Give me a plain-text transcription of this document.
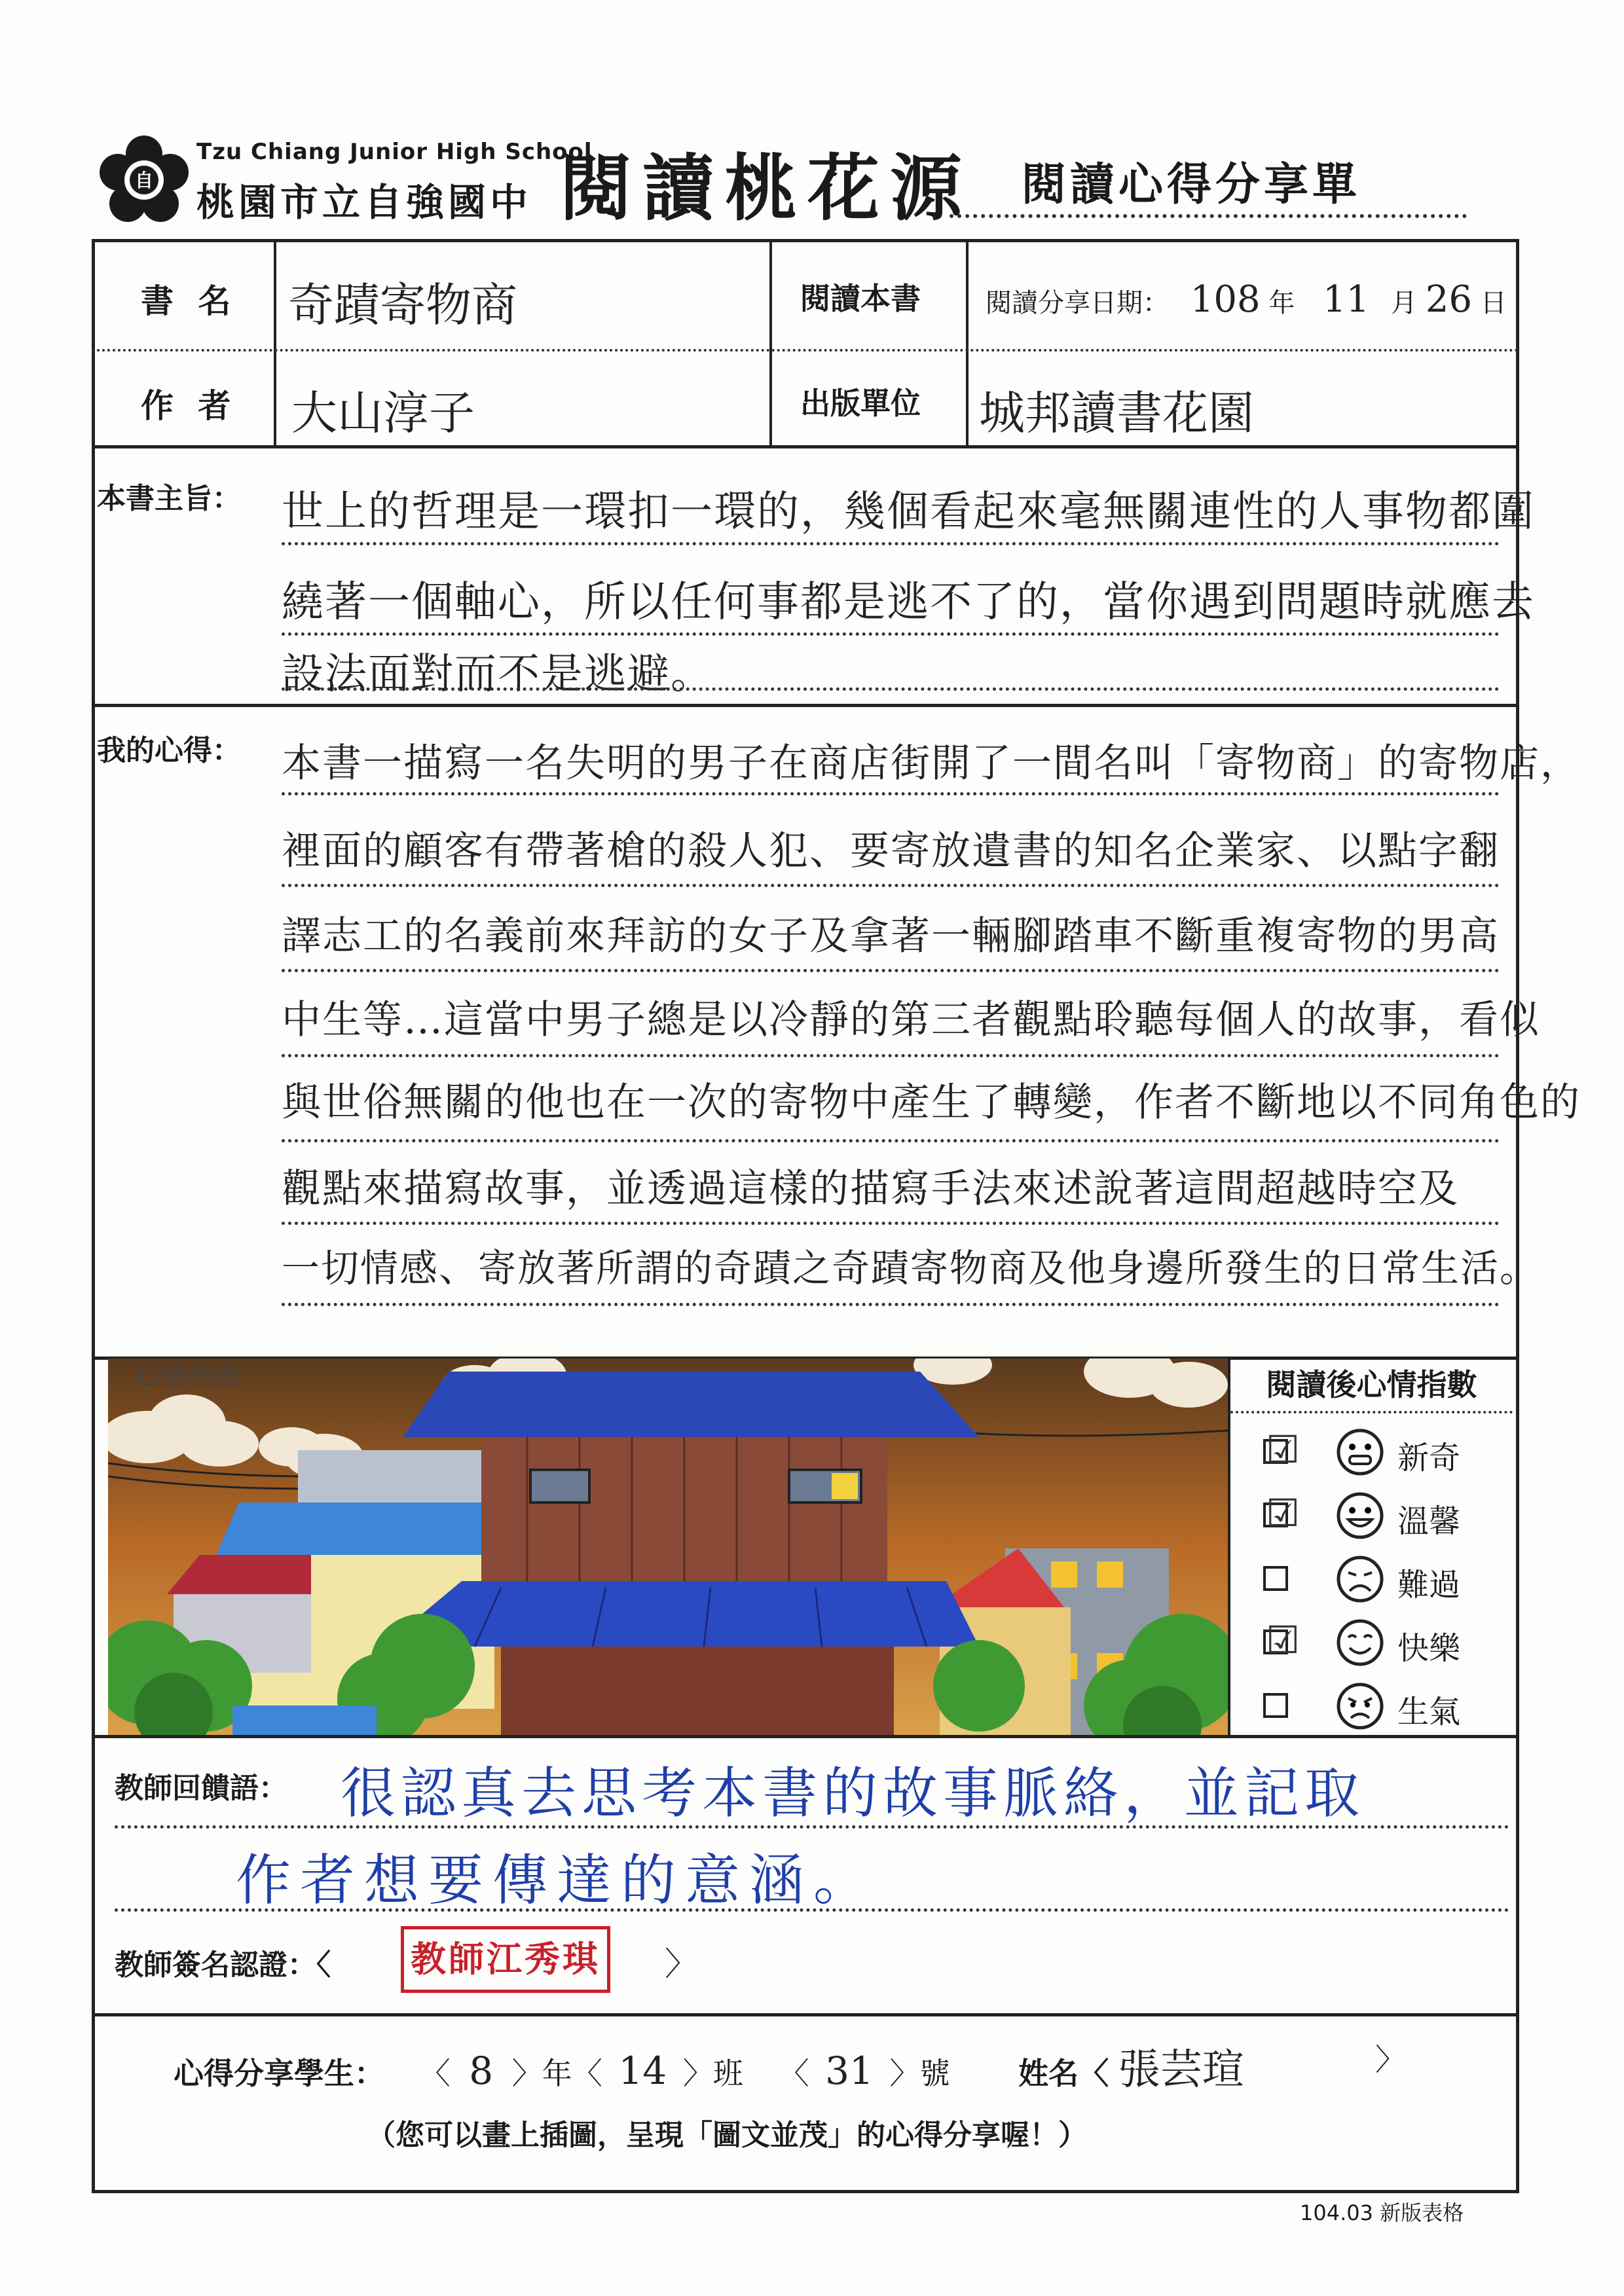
自
Tzu Chiang Junior High School
桃園市立自強國中 閱讀桃花源 閱讀心得分享單
書 名 奇蹟寄物商	閱讀本書 閱讀分享日期： 108 年 11 月 26 日
作 者 大山淳子	出版單位 城邦讀書花園
本書主旨： 世上的哲理是一環扣一環的，幾個看起來毫無關連性的人事物都圍
繞著一個軸心，所以任何事都是逃不了的，當你遇到問題時就應去
設法面對而不是逃避。
我的心得： 本書一描寫一名失明的男子在商店街開了一間名叫「寄物商」的寄物店，
裡面的顧客有帶著槍的殺人犯、要寄放遺書的知名企業家、以點字翻
譯志工的名義前來拜訪的女子及拿著一輛腳踏車不斷重複寄物的男高
中生等…這當中男子總是以冷靜的第三者觀點聆聽每個人的故事，看似
與世俗無關的他也在一次的寄物中產生了轉變，作者不斷地以不同角色的
觀點來描寫故事，並透過這樣的描寫手法來述說著這間超越時空及
一切情感、寄放著所謂的奇蹟之奇蹟寄物商及他身邊所發生的日常生活。
心情塗鴉	閱讀後心情指數
☑	新奇
☑	溫馨
難過
☑	快樂
生氣
教師回饋語： 很認真去思考本書的故事脈絡，並記取
作者想要傳達的意涵。
教師簽名認證：〈 教師江秀琪	〉
心得分享學生： 〈 8 〉年〈 14 〉班 〈 31 〉號 姓名〈 張芸瑄	〉
（您可以畫上插圖，呈現「圖文並茂」的心得分享喔！）
104.03 新版表格
